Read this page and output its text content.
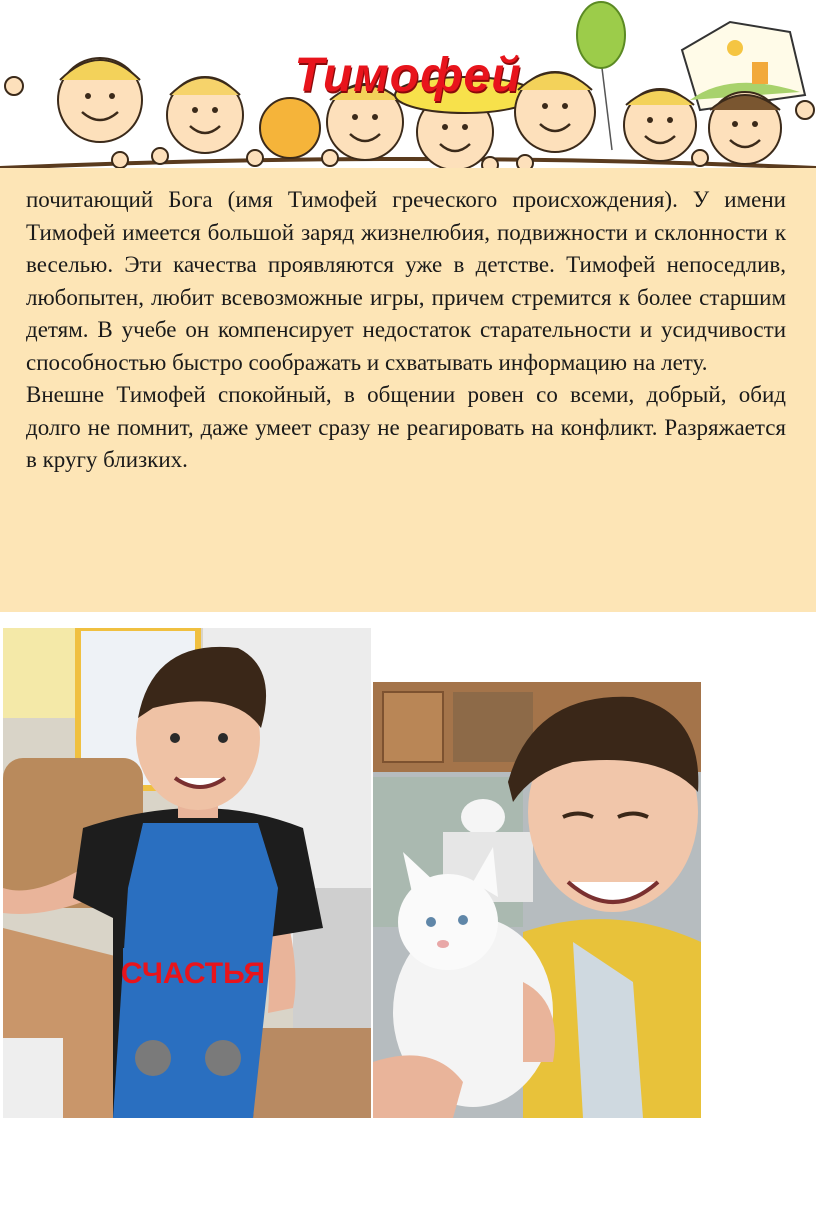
Тимофей

почитающий Бога (имя Тимофей греческого происхождения). У имени Тимофей имеется большой заряд жизнелюбия, подвижности и склонности к веселью. Эти качества проявляются уже в детстве. Тимофей непоседлив, любопытен, любит всевозможные игры, причем стремится к более старшим детям. В учебе он компенсирует недостаток старательности и усидчивости способностью быстро соображать и схватывать информацию на лету.

Внешне Тимофей спокойный, в общении ровен со всеми, добрый, обид долго не помнит, даже умеет сразу не реагировать на конфликт. Разряжается в кругу близких.

СЧАСТЬЯ
